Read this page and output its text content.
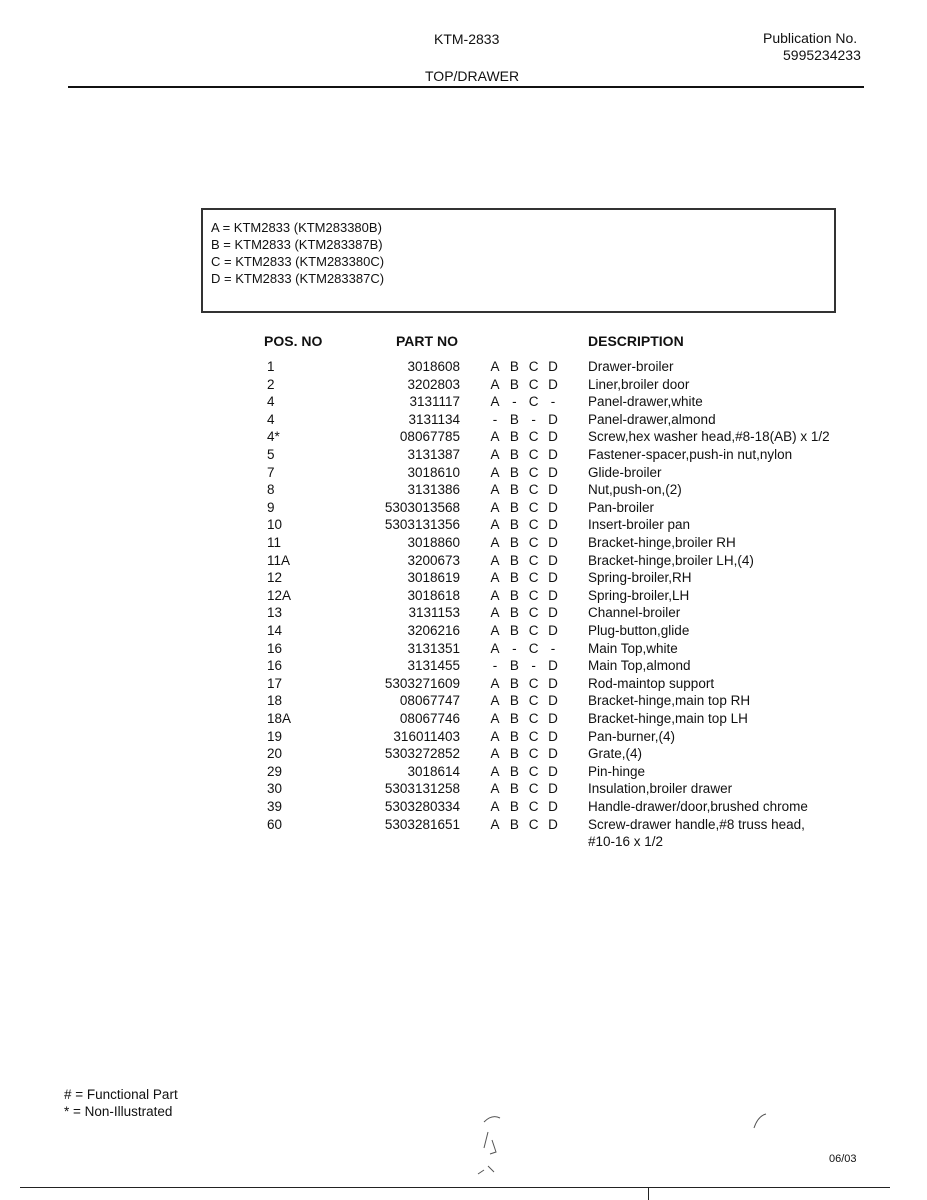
KTM-2833	Publication No.
5995234233
TOP/DRAWER
A = KTM2833 (KTM283380B)
B = KTM2833 (KTM283387B)
C = KTM2833 (KTM283380C)
D = KTM2833 (KTM283387C)
POS. NO	PART NO	DESCRIPTION
1	3018608 A B C D Drawer-broiler
2	3202803 A B C D Liner,broiler door
4	3131117 A - C -	Panel-drawer,white
4	3131134	- B - D Panel-drawer,almond
4*	08067785 A B C D Screw,hex washer head,#8-18(AB) x 1/2
5	3131387 A B C D Fastener-spacer,push-in nut,nylon
7	3018610 A B C D Glide-broiler
8	3131386 A B C D Nut,push-on,(2)
9	5303013568 A B C D Pan-broiler
10	5303131356 A B C D Insert-broiler pan
11	3018860 A B C D Bracket-hinge,broiler RH
11A	3200673 A B C D Bracket-hinge,broiler LH,(4)
12	3018619 A B C D Spring-broiler,RH
12A	3018618 A B C D Spring-broiler,LH
13	3131153 A B C D Channel-broiler
14	3206216 A B C D Plug-button,glide
16	3131351 A - C -	Main Top,white
16	3131455	- B - D Main Top,almond
17	5303271609 A B C D Rod-maintop support
18	08067747 A B C D Bracket-hinge,main top RH
18A	08067746 A B C D Bracket-hinge,main top LH
19	316011403 A B C D Pan-burner,(4)
20	5303272852 A B C D Grate,(4)
29	3018614 A B C D Pin-hinge
30	5303131258 A B C D Insulation,broiler drawer
39	5303280334 A B C D Handle-drawer/door,brushed chrome
60	5303281651 A B C D Screw-drawer handle,#8 truss head,
#10-16 x 1/2
# = Functional Part
* = Non-Illustrated
06/03
